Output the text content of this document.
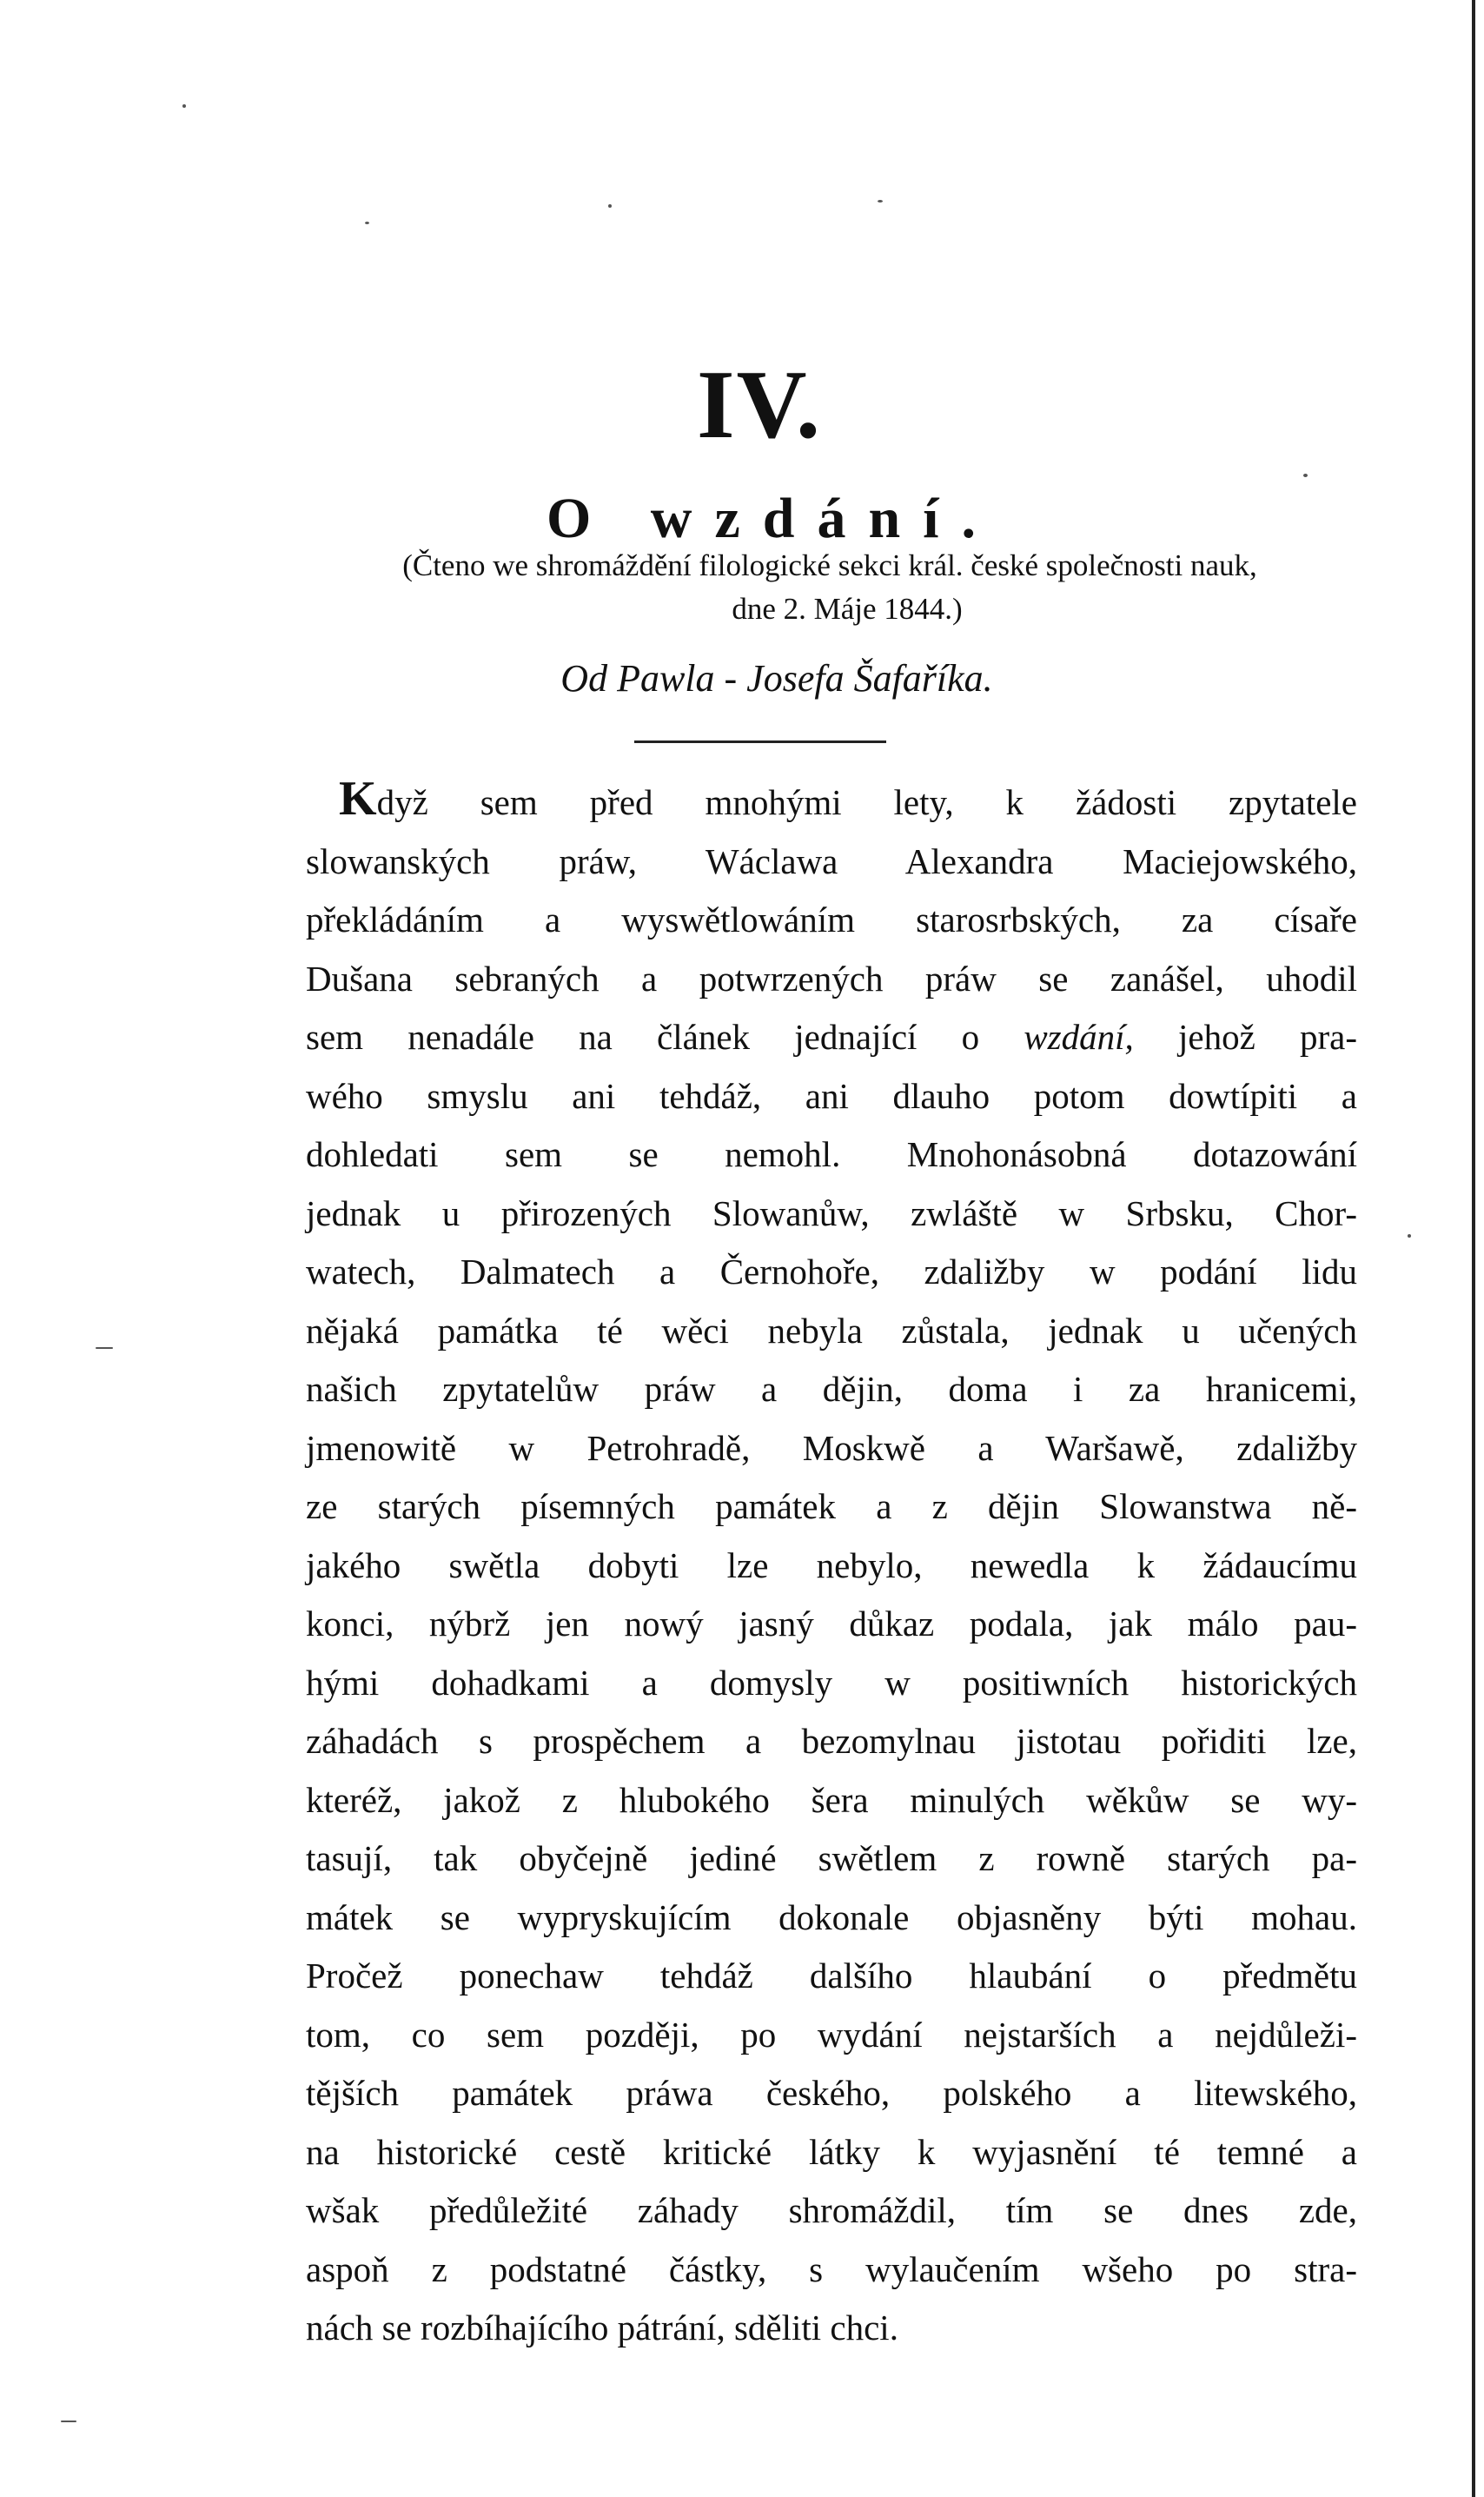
IV.
O wzdání.
(Čteno we shromáždění filologické sekci král. české společnosti nauk,
dne 2. Máje 1844.)
Od Pawla - Josefa Šafaříka.
Když sem před mnohými lety, k žádosti zpytatele
slowanských práw, Wáclawa Alexandra Maciejowského,
překládáním a wyswětlowáním starosrbských, za císaře
Dušana sebraných a potwrzených práw se zanášel, uhodil
sem nenadále na článek jednající o wzdání, jehož pra-
wého smyslu ani tehdáž, ani dlauho potom dowtípiti a
dohledati sem se nemohl. Mnohonásobná dotazowání
jednak u přirozených Slowanůw, zwláště w Srbsku, Chor-
watech, Dalmatech a Černohoře, zdaližby w podání lidu
nějaká památka té wěci nebyla zůstala, jednak u učených
našich zpytatelůw práw a dějin, doma i za hranicemi,
jmenowitě w Petrohradě, Moskwě a Waršawě, zdaližby
ze starých písemných památek a z dějin Slowanstwa ně-
jakého swětla dobyti lze nebylo, newedla k žádaucímu
konci, nýbrž jen nowý jasný důkaz podala, jak málo pau-
hými dohadkami a domysly w positiwních historických
záhadách s prospěchem a bezomylnau jistotau pořiditi lze,
kteréž, jakož z hlubokého šera minulých wěkůw se wy-
tasují, tak obyčejně jediné swětlem z rowně starých pa-
mátek se wypryskujícím dokonale objasněny býti mohau.
Pročež ponechaw tehdáž dalšího hlaubání o předmětu
tom, co sem později, po wydání nejstarších a nejdůleži-
tějších památek práwa českého, polského a litewského,
na historické cestě kritické látky k wyjasnění té temné a
wšak předůležité záhady shromáždil, tím se dnes zde,
aspoň z podstatné částky, s wylaučením wšeho po stra-
nách se rozbíhajícího pátrání, sděliti chci.
